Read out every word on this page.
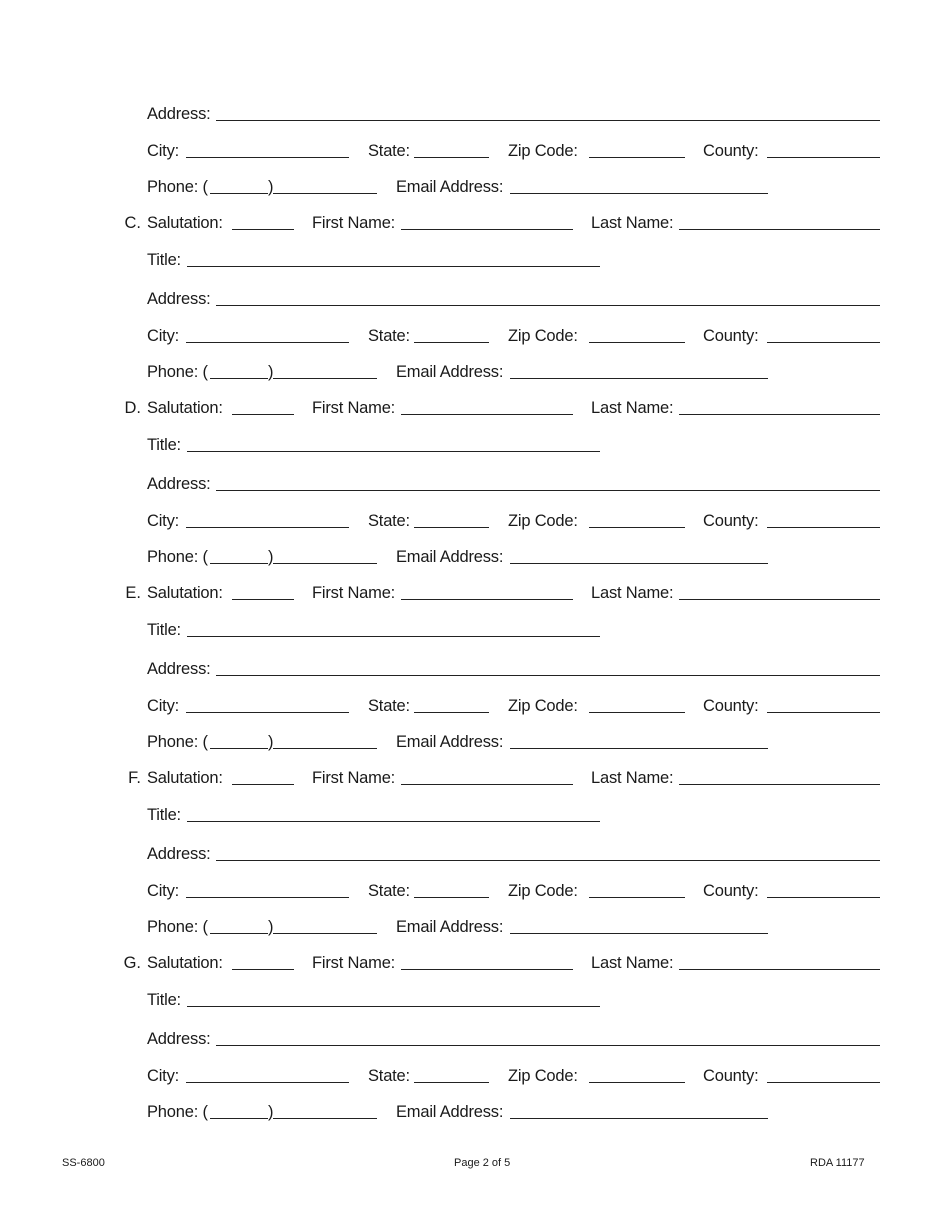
Address:
City:	State:	Zip Code:	County:
Phone: (	)	Email Address:
C. Salutation:	First Name:	Last Name:
Title:
Address:
City:	State:	Zip Code:	County:
Phone: (	)	Email Address:
D. Salutation:	First Name:	Last Name:
Title:
Address:
City:	State:	Zip Code:	County:
Phone: (	)	Email Address:
E. Salutation:	First Name:	Last Name:
Title:
Address:
City:	State:	Zip Code:	County:
Phone: (	)	Email Address:
F. Salutation:	First Name:	Last Name:
Title:
Address:
City:	State:	Zip Code:	County:
Phone: (	)	Email Address:
G. Salutation:	First Name:	Last Name:
Title:
Address:
City:	State:	Zip Code:	County:
Phone: (	)	Email Address:
SS-6800	Page 2 of 5	RDA 11177
